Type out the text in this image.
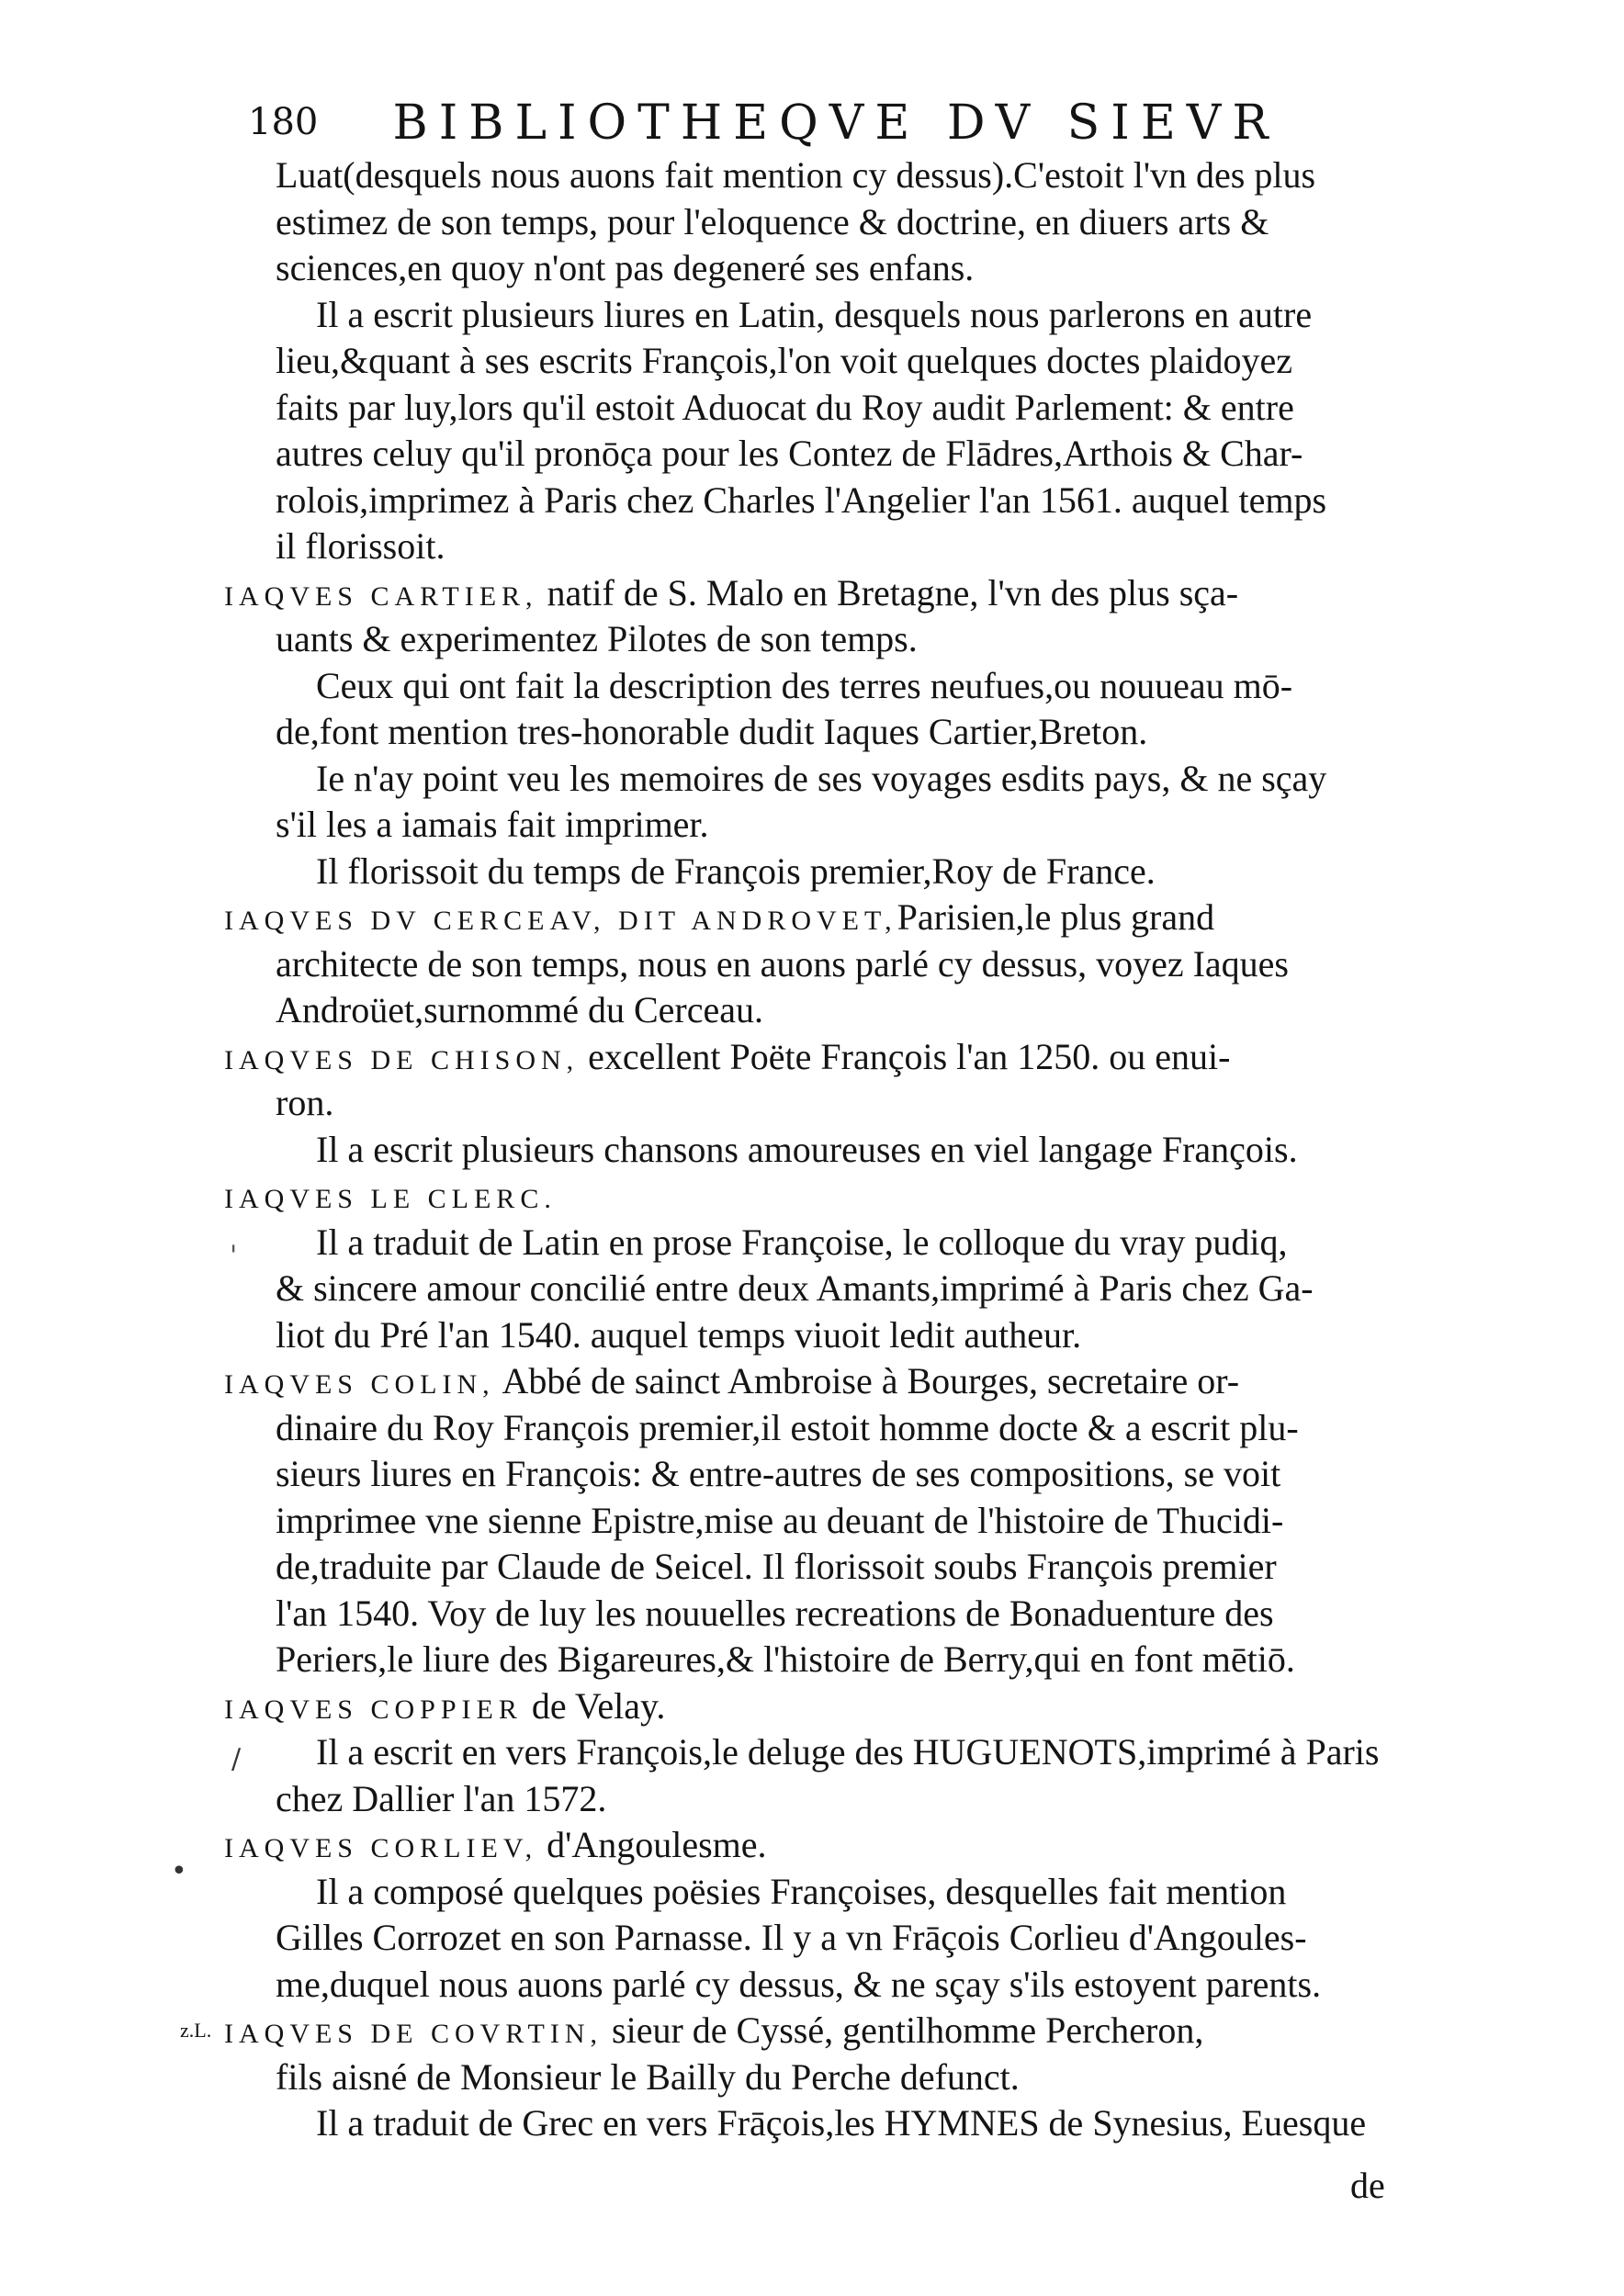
180	BIBLIOTHEQVE DV SIEVR
z.L.
'
/
•
Luat(desquels nous auons fait mention cy dessus).C'estoit l'vn des plus
estimez de son temps, pour l'eloquence & doctrine, en diuers arts &
sciences,en quoy n'ont pas degeneré ses enfans.
Il a escrit plusieurs liures en Latin, desquels nous parlerons en autre
lieu,&quant à ses escrits François,l'on voit quelques doctes plaidoyez
faits par luy,lors qu'il estoit Aduocat du Roy audit Parlement: & entre
autres celuy qu'il pronōça pour les Contez de Flādres,Arthois & Char-
rolois,imprimez à Paris chez Charles l'Angelier l'an 1561. auquel temps
il florissoit.
IAQVES CARTIER, natif de S. Malo en Bretagne, l'vn des plus sça-
uants & experimentez Pilotes de son temps.
Ceux qui ont fait la description des terres neufues,ou nouueau mō-
de,font mention tres-honorable dudit Iaques Cartier,Breton.
Ie n'ay point veu les memoires de ses voyages esdits pays, & ne sçay
s'il les a iamais fait imprimer.
Il florissoit du temps de François premier,Roy de France.
IAQVES DV CERCEAV, DIT ANDROVET,Parisien,le plus grand
architecte de son temps, nous en auons parlé cy dessus, voyez Iaques
Androüet,surnommé du Cerceau.
IAQVES DE CHISON, excellent Poëte François l'an 1250. ou enui-
ron.
Il a escrit plusieurs chansons amoureuses en viel langage François.
IAQVES LE CLERC.
Il a traduit de Latin en prose Françoise, le colloque du vray pudiq,
& sincere amour concilié entre deux Amants,imprimé à Paris chez Ga-
liot du Pré l'an 1540. auquel temps viuoit ledit autheur.
IAQVES COLIN, Abbé de sainct Ambroise à Bourges, secretaire or-
dinaire du Roy François premier,il estoit homme docte & a escrit plu-
sieurs liures en François: & entre-autres de ses compositions, se voit
imprimee vne sienne Epistre,mise au deuant de l'histoire de Thucidi-
de,traduite par Claude de Seicel. Il florissoit soubs François premier
l'an 1540. Voy de luy les nouuelles recreations de Bonaduenture des
Periers,le liure des Bigareures,& l'histoire de Berry,qui en font mētiō.
IAQVES COPPIER de Velay.
Il a escrit en vers François,le deluge des HUGUENOTS,imprimé à Paris
chez Dallier l'an 1572.
IAQVES CORLIEV, d'Angoulesme.
Il a composé quelques poësies Françoises, desquelles fait mention
Gilles Corrozet en son Parnasse. Il y a vn Frāçois Corlieu d'Angoules-
me,duquel nous auons parlé cy dessus, & ne sçay s'ils estoyent parents.
IAQVES DE COVRTIN, sieur de Cyssé, gentilhomme Percheron,
fils aisné de Monsieur le Bailly du Perche defunct.
Il a traduit de Grec en vers Frāçois,les HYMNES de Synesius, Euesque
de
